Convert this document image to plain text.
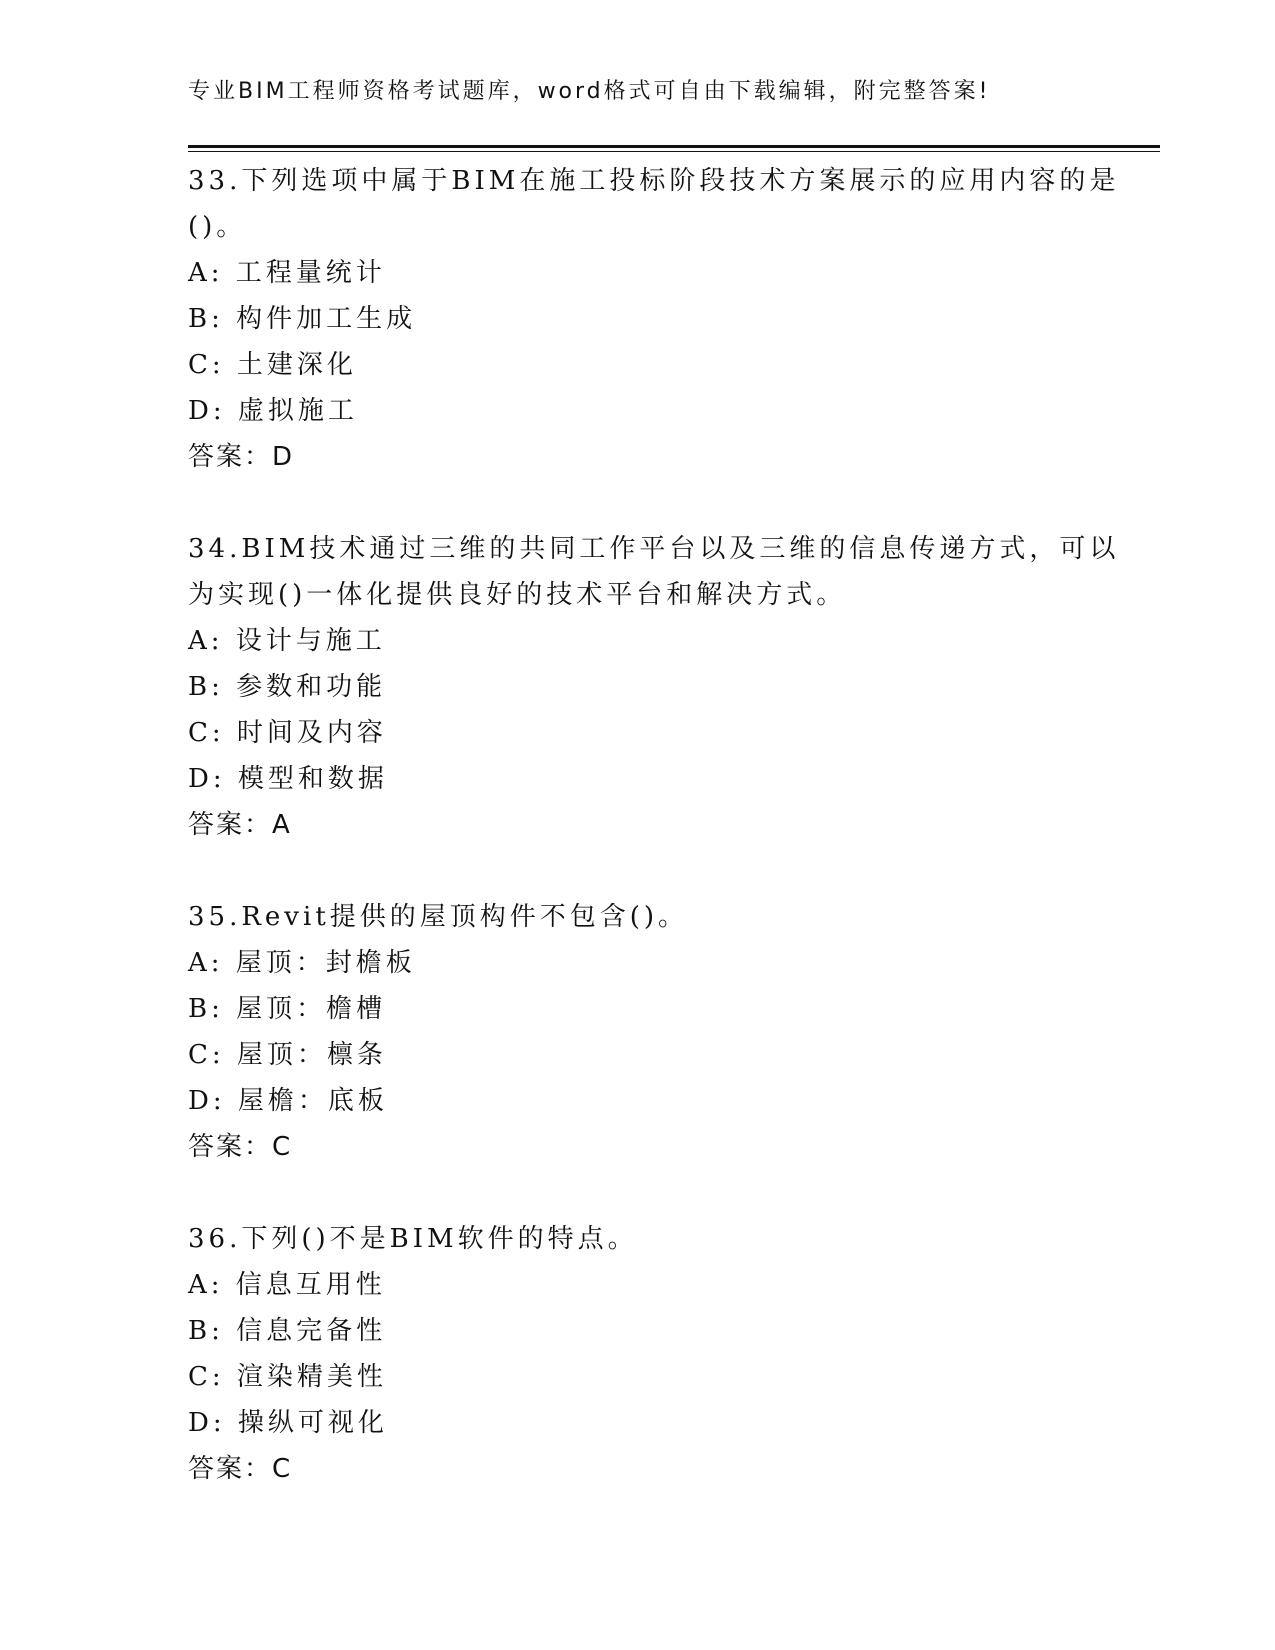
专业BIM工程师资格考试题库，word格式可自由下载编辑，附完整答案!
33.下列选项中属于BIM在施工投标阶段技术方案展示的应用内容的是
()。
A: 工程量统计
B: 构件加工生成
C: 土建深化
D: 虚拟施工
答案：D
34.BIM技术通过三维的共同工作平台以及三维的信息传递方式，可以
为实现()一体化提供良好的技术平台和解决方式。
A: 设计与施工
B: 参数和功能
C: 时间及内容
D: 模型和数据
答案：A
35.Revit提供的屋顶构件不包含()。
A: 屋顶：封檐板
B: 屋顶：檐槽
C: 屋顶：檩条
D: 屋檐：底板
答案：C
36.下列()不是BIM软件的特点。
A: 信息互用性
B: 信息完备性
C: 渲染精美性
D: 操纵可视化
答案：C
